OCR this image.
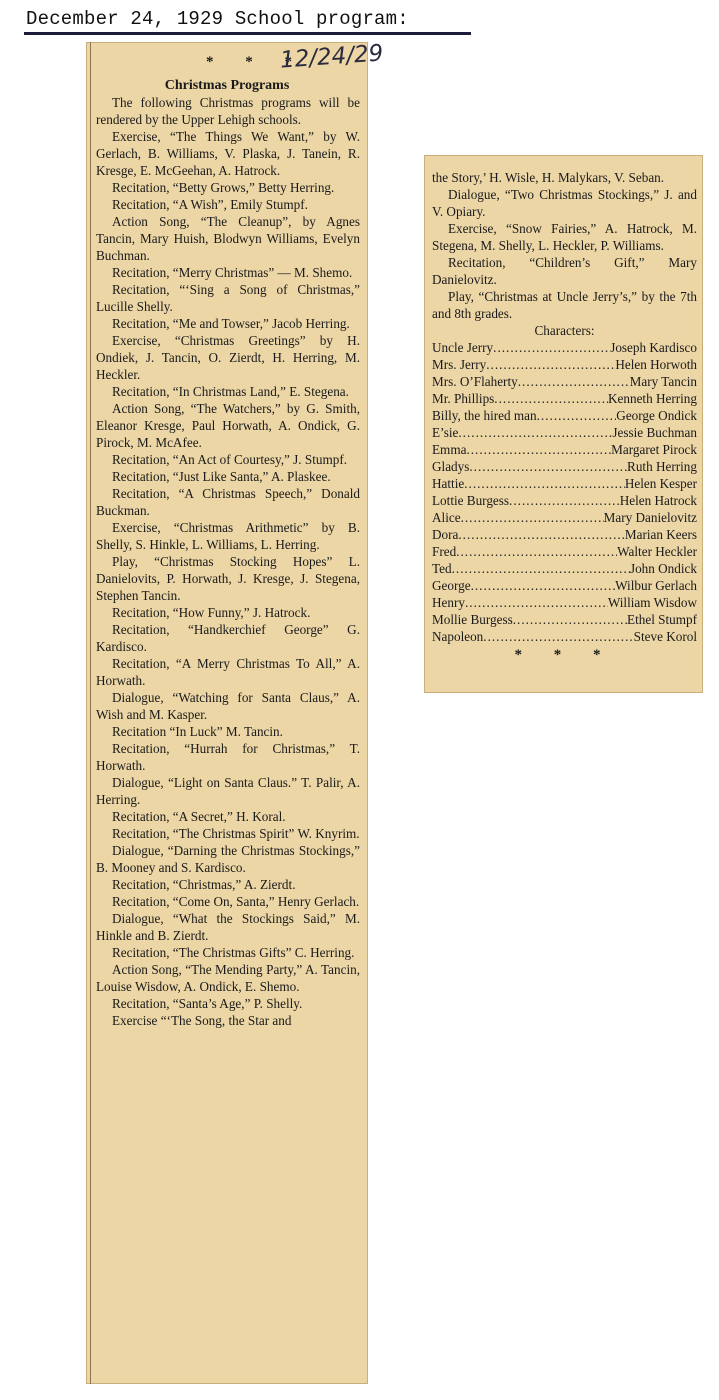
December 24, 1929 School program:
* * *
12/24/29
Christmas Programs

The following Christmas programs will be rendered by the Upper Lehigh schools.

Exercise, “The Things We Want,” by W. Gerlach, B. Williams, V. Plaska, J. Tanein, R. Kresge, E. McGeehan, A. Hatrock.

Recitation, “Betty Grows,” Betty Herring.

Recitation, “A Wish”, Emily Stumpf.

Action Song, “The Cleanup”, by Agnes Tancin, Mary Huish, Blodwyn Williams, Evelyn Buchman.

Recitation, “Merry Christmas” — M. Shemo.

Recitation, “‘Sing a Song of Christmas,” Lucille Shelly.

Recitation, “Me and Towser,” Jacob Herring.

Exercise, “Christmas Greetings” by H. Ondiek, J. Tancin, O. Zierdt, H. Herring, M. Heckler.

Recitation, “In Christmas Land,” E. Stegena.

Action Song, “The Watchers,” by G. Smith, Eleanor Kresge, Paul Horwath, A. Ondick, G. Pirock, M. McAfee.

Recitation, “An Act of Courtesy,” J. Stumpf.

Recitation, “Just Like Santa,” A. Plaskee.

Recitation, “A Christmas Speech,” Donald Buckman.

Exercise, “Christmas Arithmetic” by B. Shelly, S. Hinkle, L. Williams, L. Herring.

Play, “Christmas Stocking Hopes” L. Danielovits, P. Horwath, J. Kresge, J. Stegena, Stephen Tancin.

Recitation, “How Funny,” J. Hatrock.

Recitation, “Handkerchief George” G. Kardisco.

Recitation, “A Merry Christmas To All,” A. Horwath.

Dialogue, “Watching for Santa Claus,” A. Wish and M. Kasper.

Recitation “In Luck” M. Tancin.

Recitation, “Hurrah for Christmas,” T. Horwath.

Dialogue, “Light on Santa Claus.” T. Palir, A. Herring.

Recitation, “A Secret,” H. Koral.

Recitation, “The Christmas Spirit” W. Knyrim.

Dialogue, “Darning the Christmas Stockings,” B. Mooney and S. Kardisco.

Recitation, “Christmas,” A. Zierdt.

Recitation, “Come On, Santa,” Henry Gerlach.

Dialogue, “What the Stockings Said,” M. Hinkle and B. Zierdt.

Recitation, “The Christmas Gifts” C. Herring.

Action Song, “The Mending Party,” A. Tancin, Louise Wisdow, A. Ondick, E. Shemo.

Recitation, “Santa’s Age,” P. Shelly.

Exercise “‘The Song, the Star and

the Story,’ H. Wisle, H. Malykars, V. Seban.

Dialogue, “Two Christmas Stockings,” J. and V. Opiary.

Exercise, “Snow Fairies,” A. Hatrock, M. Stegena, M. Shelly, L. Heckler, P. Williams.

Recitation, “Children’s Gift,” Mary Danielovitz.

Play, “Christmas at Uncle Jerry’s,” by the 7th and 8th grades.

Characters:
Uncle Jerry .....	Joseph Kardisco
Mrs. Jerry .....	Helen Horwoth
Mrs. O’Flaherty .....	Mary Tancin
Mr. Phillips .....	Kenneth Herring
Billy, the hired man .....	George Ondick
E’sie .....	Jessie Buchman
Emma .....	Margaret Pirock
Gladys .....	Ruth Herring
Hattie .....	Helen Kesper
Lottie Burgess .....	Helen Hatrock
Alice .....	Mary Danielovitz
Dora .....	Marian Keers
Fred .....	Walter Heckler
Ted .....	John Ondick
George .....	Wilbur Gerlach
Henry .....	William Wisdow
Mollie Burgess .....	Ethel Stumpf
Napoleon .....	Steve Korol
* * *
